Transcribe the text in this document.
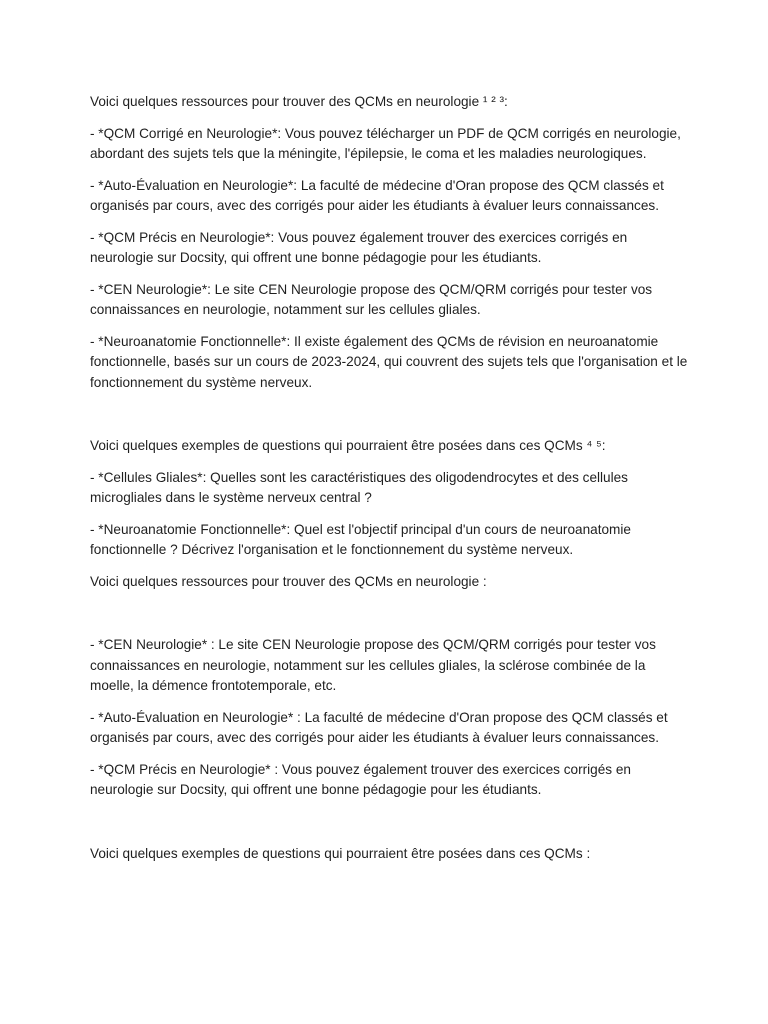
Voici quelques ressources pour trouver des QCMs en neurologie ¹ ² ³:

- *QCM Corrigé en Neurologie*: Vous pouvez télécharger un PDF de QCM corrigés en neurologie, abordant des sujets tels que la méningite, l'épilepsie, le coma et les maladies neurologiques.

- *Auto-Évaluation en Neurologie*: La faculté de médecine d'Oran propose des QCM classés et organisés par cours, avec des corrigés pour aider les étudiants à évaluer leurs connaissances.

- *QCM Précis en Neurologie*: Vous pouvez également trouver des exercices corrigés en neurologie sur Docsity, qui offrent une bonne pédagogie pour les étudiants.

- *CEN Neurologie*: Le site CEN Neurologie propose des QCM/QRM corrigés pour tester vos connaissances en neurologie, notamment sur les cellules gliales.

- *Neuroanatomie Fonctionnelle*: Il existe également des QCMs de révision en neuroanatomie fonctionnelle, basés sur un cours de 2023-2024, qui couvrent des sujets tels que l'organisation et le fonctionnement du système nerveux.

Voici quelques exemples de questions qui pourraient être posées dans ces QCMs ⁴ ⁵:

- *Cellules Gliales*: Quelles sont les caractéristiques des oligodendrocytes et des cellules microgliales dans le système nerveux central ?

- *Neuroanatomie Fonctionnelle*: Quel est l'objectif principal d'un cours de neuroanatomie fonctionnelle ? Décrivez l'organisation et le fonctionnement du système nerveux.

Voici quelques ressources pour trouver des QCMs en neurologie :

- *CEN Neurologie* : Le site CEN Neurologie propose des QCM/QRM corrigés pour tester vos connaissances en neurologie, notamment sur les cellules gliales, la sclérose combinée de la moelle, la démence frontotemporale, etc.

- *Auto-Évaluation en Neurologie* : La faculté de médecine d'Oran propose des QCM classés et organisés par cours, avec des corrigés pour aider les étudiants à évaluer leurs connaissances.

- *QCM Précis en Neurologie* : Vous pouvez également trouver des exercices corrigés en neurologie sur Docsity, qui offrent une bonne pédagogie pour les étudiants.

Voici quelques exemples de questions qui pourraient être posées dans ces QCMs :
